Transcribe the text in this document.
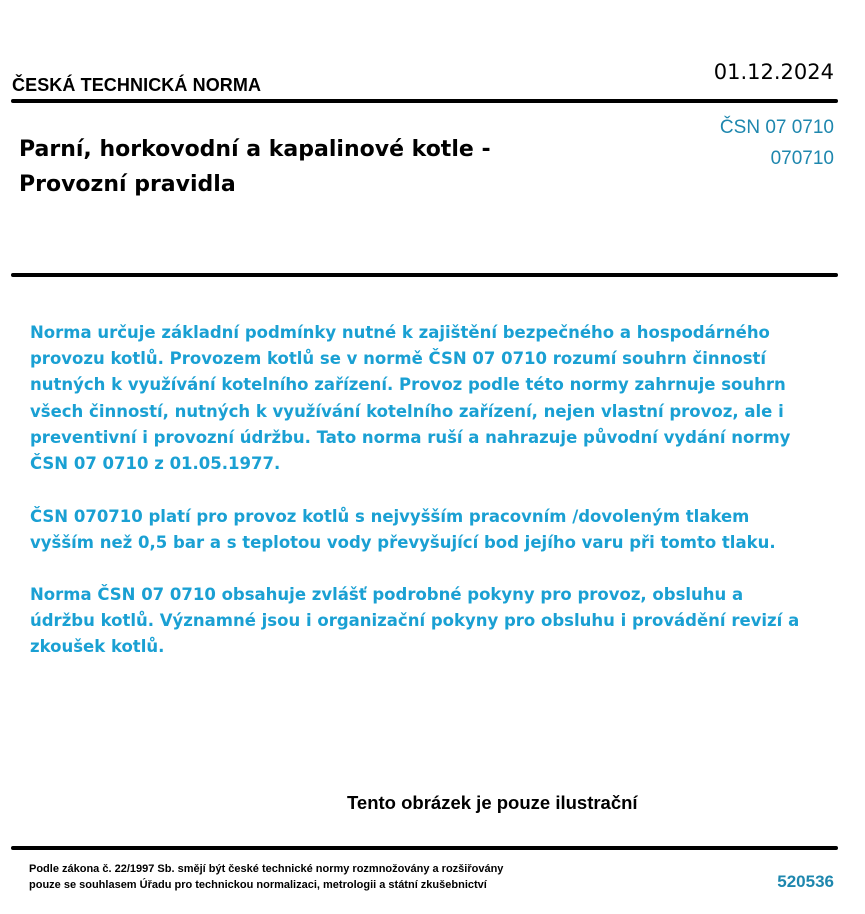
ČESKÁ TECHNICKÁ NORMA
01.12.2024
Parní, horkovodní a kapalinové kotle -
Provozní pravidla
ČSN 07 0710
070710
Norma určuje základní podmínky nutné k zajištění bezpečného a hospodárného provozu kotlů. Provozem kotlů se v normě ČSN 07 0710 rozumí souhrn činností nutných k využívání kotelního zařízení. Provoz podle této normy zahrnuje souhrn všech činností, nutných k využívání kotelního zařízení, nejen vlastní provoz, ale i preventivní i provozní údržbu. Tato norma ruší a nahrazuje původní vydání normy ČSN 07 0710 z 01.05.1977.
ČSN 070710 platí pro provoz kotlů s nejvyšším pracovním /dovoleným tlakem vyšším než 0,5 bar a s teplotou vody převyšující bod jejího varu při tomto tlaku.
Norma ČSN 07 0710 obsahuje zvlášť podrobné pokyny pro provoz, obsluhu a údržbu kotlů. Významné jsou i organizační pokyny pro obsluhu i provádění revizí a zkoušek kotlů.
Tento obrázek je pouze ilustrační
Podle zákona č. 22/1997 Sb. smějí být české technické normy rozmnožovány a rozšiřovány
pouze se souhlasem Úřadu pro technickou normalizaci, metrologii a státní zkušebnictví	520536
